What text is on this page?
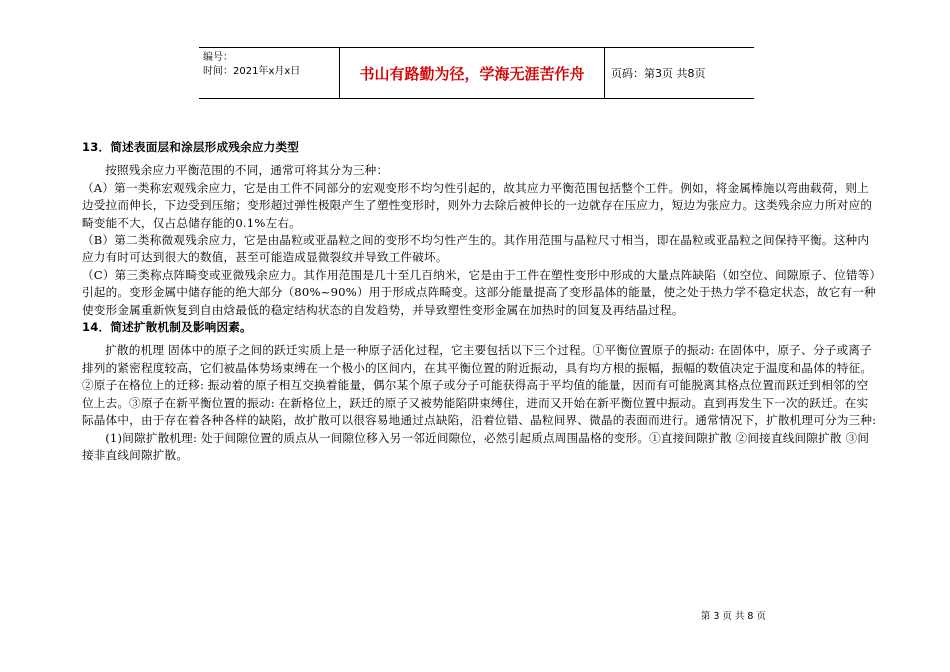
编号：
时间：2021年x月x日	书山有路勤为径，学海无涯苦作舟 页码：第3页 共8页

13．简述表面层和涂层形成残余应力类型

按照残余应力平衡范围的不同，通常可将其分为三种：

（A）第一类称宏观残余应力，它是由工件不同部分的宏观变形不均匀性引起的，故其应力平衡范围包括整个工件。例如，将金属棒施以弯曲载荷，则上边受拉而伸长，下边受到压缩；变形超过弹性极限产生了塑性变形时，则外力去除后被伸长的一边就存在压应力，短边为张应力。这类残余应力所对应的畸变能不大，仅占总储存能的0.1%左右。

（B）第二类称微观残余应力，它是由晶粒或亚晶粒之间的变形不均匀性产生的。其作用范围与晶粒尺寸相当，即在晶粒或亚晶粒之间保持平衡。这种内应力有时可达到很大的数值，甚至可能造成显微裂纹并导致工件破坏。

（C）第三类称点阵畸变或亚微残余应力。其作用范围是几十至几百纳米，它是由于工件在塑性变形中形成的大量点阵缺陷（如空位、间隙原子、位错等）引起的。变形金属中储存能的绝大部分（80%~90%）用于形成点阵畸变。这部分能量提高了变形晶体的能量，使之处于热力学不稳定状态，故它有一种使变形金属重新恢复到自由焓最低的稳定结构状态的自发趋势，并导致塑性变形金属在加热时的回复及再结晶过程。

14．简述扩散机制及影响因素。

扩散的机理 固体中的原子之间的跃迁实质上是一种原子活化过程，它主要包括以下三个过程。①平衡位置原子的振动: 在固体中，原子、分子或离子排列的紧密程度较高，它们被晶体势场束缚在一个极小的区间内，在其平衡位置的附近振动，具有均方根的振幅，振幅的数值决定于温度和晶体的特征。②原子在格位上的迁移: 振动着的原子相互交换着能量，偶尔某个原子或分子可能获得高于平均值的能量，因而有可能脱离其格点位置而跃迁到相邻的空位上去。③原子在新平衡位置的振动: 在新格位上，跃迁的原子又被势能陷阱束缚住，进而又开始在新平衡位置中振动。直到再发生下一次的跃迁。在实际晶体中，由于存在着各种各样的缺陷，故扩散可以很容易地通过点缺陷，沿着位错、晶粒间界、微晶的表面而进行。通常情况下，扩散机理可分为三种:

(1)间隙扩散机理: 处于间隙位置的质点从一间隙位移入另一邻近间隙位，必然引起质点周围晶格的变形。①直接间隙扩散 ②间接直线间隙扩散 ③间接非直线间隙扩散。

第 3 页 共 8 页
